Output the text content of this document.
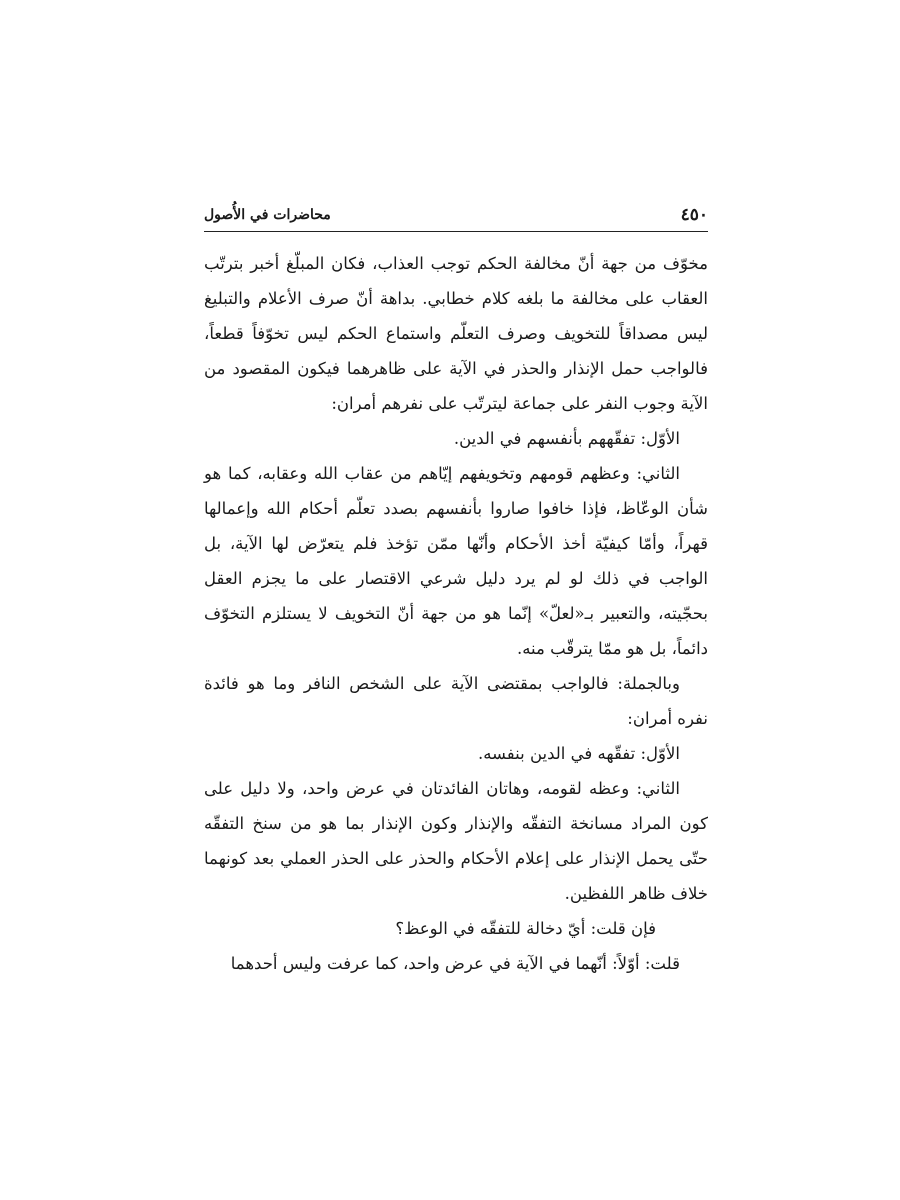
٤٥٠
محاضرات في الأُصول

مخوّف من جهة أنّ مخالفة الحكم توجب العذاب، فكان المبلّغ أخبر بترتّب العقاب على مخالفة ما بلغه كلام خطابي. بداهة أنّ صرف الأعلام والتبليغ ليس مصداقاً للتخويف وصرف التعلّم واستماع الحكم ليس تخوّفاً قطعاً، فالواجب حمل الإنذار والحذر في الآية على ظاهرهما فيكون المقصود من الآية وجوب النفر على جماعة ليترتّب على نفرهم أمران:

الأوّل: تفقّههم بأنفسهم في الدين.

الثاني: وعظهم قومهم وتخويفهم إيّاهم من عقاب الله وعقابه، كما هو شأن الوعّاظ، فإذا خافوا صاروا بأنفسهم بصدد تعلّم أحكام الله وإعمالها قهراً، وأمّا كيفيّة أخذ الأحكام وأنّها ممّن تؤخذ فلم يتعرّض لها الآية، بل الواجب في ذلك لو لم يرد دليل شرعي الاقتصار على ما يجزم العقل بحجّيته، والتعبير بـ«لعلّ» إنّما هو من جهة أنّ التخويف لا يستلزم التخوّف دائماً، بل هو ممّا يترقّب منه.

وبالجملة: فالواجب بمقتضى الآية على الشخص النافر وما هو فائدة نفره أمران:

الأوّل: تفقّهه في الدين بنفسه.

الثاني: وعظه لقومه، وهاتان الفائدتان في عرض واحد، ولا دليل على كون المراد مسانخة التفقّه والإنذار وكون الإنذار بما هو من سنخ التفقّه حتّى يحمل الإنذار على إعلام الأحكام والحذر على الحذر العملي بعد كونهما خلاف ظاهر اللفظين.

فإن قلت: أيّ دخالة للتفقّه في الوعظ؟

قلت: أوّلاً: أنّهما في الآية في عرض واحد، كما عرفت وليس أحدهما
